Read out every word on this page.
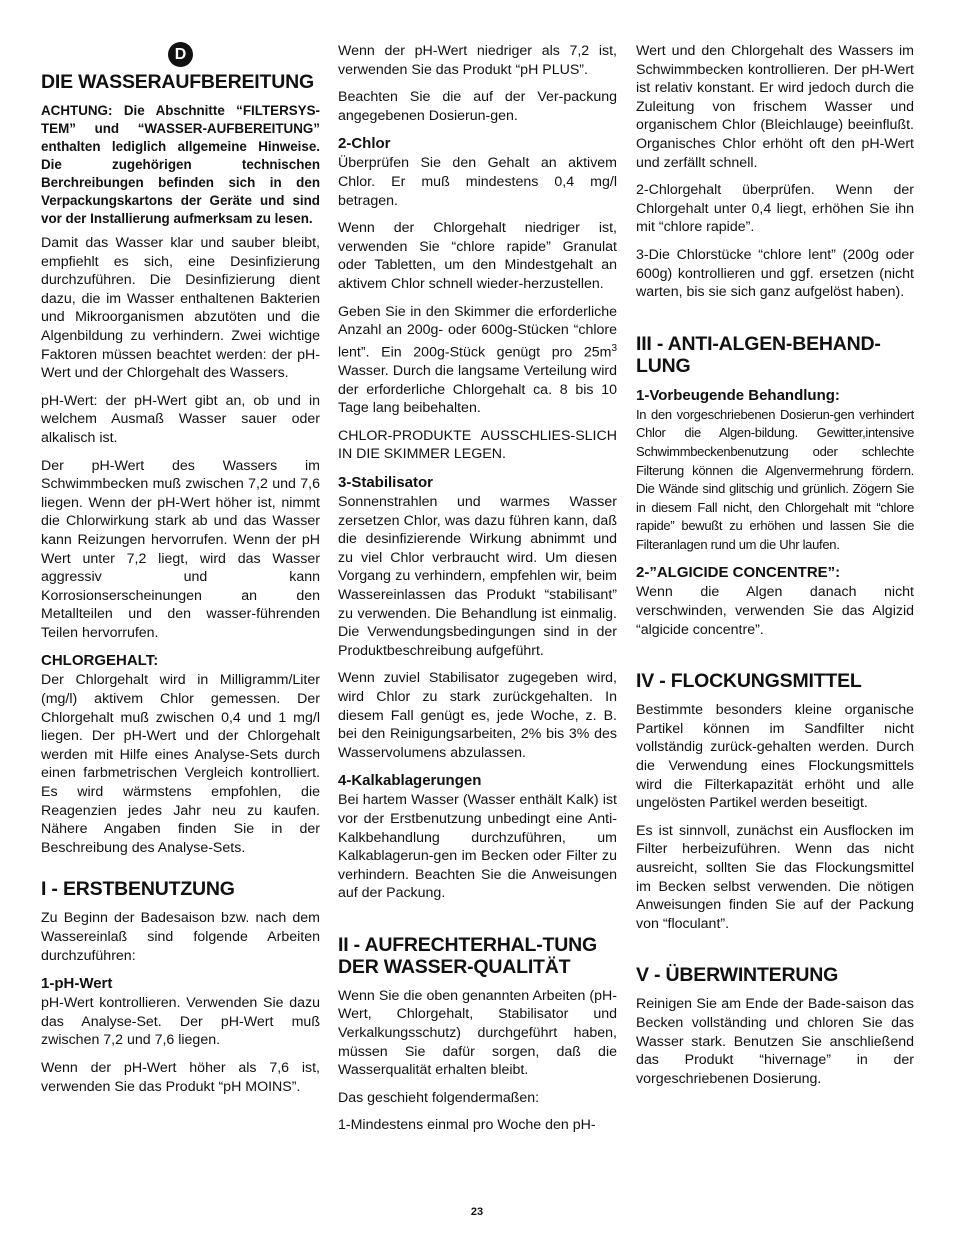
D
DIE WASSERAUFBEREITUNG

ACHTUNG: Die Abschnitte “FILTERSYS-TEM” und “WASSER-AUFBEREITUNG” enthalten lediglich allgemeine Hinweise. Die zugehörigen technischen Berchreibungen befinden sich in den Verpackungskartons der Geräte und sind vor der Installierung aufmerksam zu lesen.

Damit das Wasser klar und sauber bleibt, empfiehlt es sich, eine Desinfizierung durchzuführen. Die Desinfizierung dient dazu, die im Wasser enthaltenen Bakterien und Mikroorganismen abzutöten und die Algenbildung zu verhindern. Zwei wichtige Faktoren müssen beachtet werden: der pH-Wert und der Chlorgehalt des Wassers.

pH-Wert: der pH-Wert gibt an, ob und in welchem Ausmaß Wasser sauer oder alkalisch ist.

Der pH-Wert des Wassers im Schwimmbecken muß zwischen 7,2 und 7,6 liegen. Wenn der pH-Wert höher ist, nimmt die Chlorwirkung stark ab und das Wasser kann Reizungen hervorrufen. Wenn der pH Wert unter 7,2 liegt, wird das Wasser aggressiv und kann Korrosionserscheinungen an den Metallteilen und den wasser-führenden Teilen hervorrufen.

CHLORGEHALT:

Der Chlorgehalt wird in Milligramm/Liter (mg/l) aktivem Chlor gemessen. Der Chlorgehalt muß zwischen 0,4 und 1 mg/l liegen. Der pH-Wert und der Chlorgehalt werden mit Hilfe eines Analyse-Sets durch einen farbmetrischen Vergleich kontrolliert. Es wird wärmstens empfohlen, die Reagenzien jedes Jahr neu zu kaufen. Nähere Angaben finden Sie in der Beschreibung des Analyse-Sets.

I - ERSTBENUTZUNG

Zu Beginn der Badesaison bzw. nach dem Wassereinlaß sind folgende Arbeiten durchzuführen:

1-pH-Wert

pH-Wert kontrollieren. Verwenden Sie dazu das Analyse-Set. Der pH-Wert muß zwischen 7,2 und 7,6 liegen.

Wenn der pH-Wert höher als 7,6 ist, verwenden Sie das Produkt “pH MOINS”.

Wenn der pH-Wert niedriger als 7,2 ist, verwenden Sie das Produkt “pH PLUS”.

Beachten Sie die auf der Ver-packung angegebenen Dosierun-gen.

2-Chlor

Überprüfen Sie den Gehalt an aktivem Chlor. Er muß mindestens 0,4 mg/l betragen.

Wenn der Chlorgehalt niedriger ist, verwenden Sie “chlore rapide” Granulat oder Tabletten, um den Mindestgehalt an aktivem Chlor schnell wieder-herzustellen.

Geben Sie in den Skimmer die erforderliche Anzahl an 200g- oder 600g-Stücken “chlore lent”. Ein 200g-Stück genügt pro $25m^3$ Wasser. Durch die langsame Verteilung wird der erforderliche Chlorgehalt ca. 8 bis 10 Tage lang beibehalten.

CHLOR-PRODUKTE AUSSCHLIES-SLICH IN DIE SKIMMER LEGEN.

3-Stabilisator

Sonnenstrahlen und warmes Wasser zersetzen Chlor, was dazu führen kann, daß die desinfizierende Wirkung abnimmt und zu viel Chlor verbraucht wird. Um diesen Vorgang zu verhindern, empfehlen wir, beim Wassereinlassen das Produkt “stabilisant” zu verwenden. Die Behandlung ist einmalig. Die Verwendungsbedingungen sind in der Produktbeschreibung aufgeführt.

Wenn zuviel Stabilisator zugegeben wird, wird Chlor zu stark zurückgehalten. In diesem Fall genügt es, jede Woche, z. B. bei den Reinigungsarbeiten, 2% bis 3% des Wasservolumens abzulassen.

4-Kalkablagerungen

Bei hartem Wasser (Wasser enthält Kalk) ist vor der Erstbenutzung unbedingt eine Anti-Kalkbehandlung durchzuführen, um Kalkablagerun-gen im Becken oder Filter zu verhindern. Beachten Sie die Anweisungen auf der Packung.

II - AUFRECHTERHAL-TUNG DER WASSER-QUALITÄT

Wenn Sie die oben genannten Arbeiten (pH-Wert, Chlorgehalt, Stabilisator und Verkalkungsschutz) durchgeführt haben, müssen Sie dafür sorgen, daß die Wasserqualität erhalten bleibt.

Das geschieht folgendermaßen:

1-Mindestens einmal pro Woche den pH-

Wert und den Chlorgehalt des Wassers im Schwimmbecken kontrollieren. Der pH-Wert ist relativ konstant. Er wird jedoch durch die Zuleitung von frischem Wasser und organischem Chlor (Bleichlauge) beeinflußt. Organisches Chlor erhöht oft den pH-Wert und zerfällt schnell.

2-Chlorgehalt überprüfen. Wenn der Chlorgehalt unter 0,4 liegt, erhöhen Sie ihn mit “chlore rapide”.

3-Die Chlorstücke “chlore lent” (200g oder 600g) kontrollieren und ggf. ersetzen (nicht warten, bis sie sich ganz aufgelöst haben).

III - ANTI-ALGEN-BEHAND-LUNG
1-Vorbeugende Behandlung:

In den vorgeschriebenen Dosierun-gen verhindert Chlor die Algen-bildung. Gewitter,intensive Schwimmbeckenbenutzung oder schlechte Filterung können die Algenvermehrung fördern. Die Wände sind glitschig und grünlich. Zögern Sie in diesem Fall nicht, den Chlorgehalt mit “chlore rapide” bewußt zu erhöhen und lassen Sie die Filteranlagen rund um die Uhr laufen.

2-”ALGICIDE CONCENTRE”:

Wenn die Algen danach nicht verschwinden, verwenden Sie das Algizid “algicide concentre”.

IV - FLOCKUNGSMITTEL

Bestimmte besonders kleine organische Partikel können im Sandfilter nicht vollständig zurück-gehalten werden. Durch die Verwendung eines Flockungsmittels wird die Filterkapazität erhöht und alle ungelösten Partikel werden beseitigt.

Es ist sinnvoll, zunächst ein Ausflocken im Filter herbeizuführen. Wenn das nicht ausreicht, sollten Sie das Flockungsmittel im Becken selbst verwenden. Die nötigen Anweisungen finden Sie auf der Packung von “floculant”.

V - ÜBERWINTERUNG

Reinigen Sie am Ende der Bade-saison das Becken vollständing und chloren Sie das Wasser stark. Benutzen Sie anschließend das Produkt “hivernage” in der vorgeschriebenen Dosierung.

23
